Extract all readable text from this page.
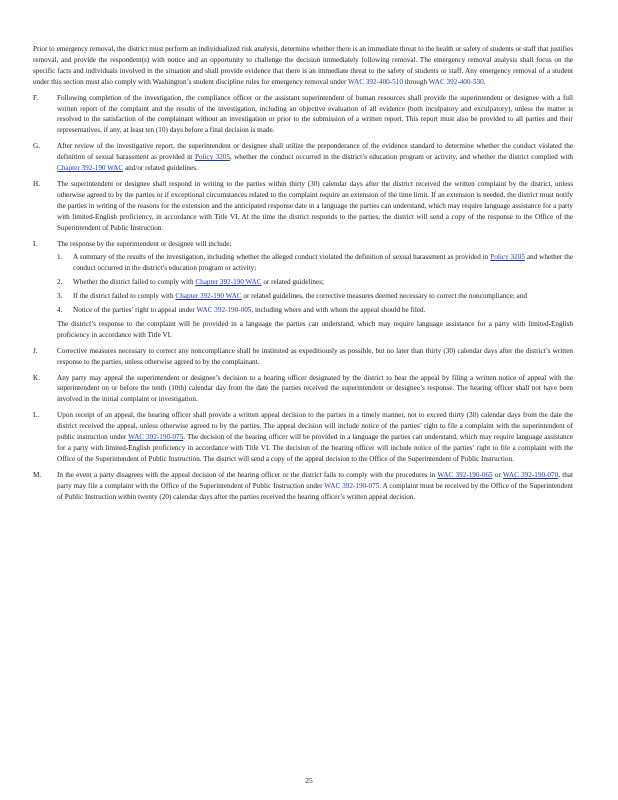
Prior to emergency removal, the district must perform an individualized risk analysis, determine whether there is an immediate threat to the health or safety of students or staff that justifies removal, and provide the respondent(s) with notice and an opportunity to challenge the decision immediately following removal. The emergency removal analysis shall focus on the specific facts and individuals involved in the situation and shall provide evidence that there is an immediate threat to the safety of students or staff. Any emergency removal of a student under this section must also comply with Washington’s student discipline rules for emergency removal under WAC 392-400-510 through WAC 392-400-530.

F.	Following completion of the investigation, the compliance officer or the assistant superintendent of human resources shall provide the superintendent or designee with a full written report of the complaint and the results of the investigation, including an objective evaluation of all evidence (both inculpatory and exculpatory), unless the matter is resolved to the satisfaction of the complainant without an investigation or prior to the submission of a written report. This report must also be provided to all parties and their representatives, if any, at least ten (10) days before a final decision is made.
G.	After review of the investigative report, the superintendent or designee shall utilize the preponderance of the evidence standard to determine whether the conduct violated the definition of sexual harassment as provided in Policy 3205, whether the conduct occurred in the district’s education program or activity, and whether the district complied with Chapter 392-190 WAC and/or related guidelines.
H.	The superintendent or designee shall respond in writing to the parties within thirty (30) calendar days after the district received the written complaint by the district, unless otherwise agreed to by the parties or if exceptional circumstances related to the complaint require an extension of the time limit. If an extension is needed, the district must notify the parties in writing of the reasons for the extension and the anticipated response date in a language the parties can understand, which may require language assistance for a party with limited-English proficiency, in accordance with Title VI. At the time the district responds to the parties, the district will send a copy of the response to the Office of the Superintendent of Public Instruction.
I.	The response by the superintendent or designee will include:
1.	A summary of the results of the investigation, including whether the alleged conduct violated the definition of sexual harassment as provided in Policy 3205 and whether the conduct occurred in the district’s education program or activity;
2.	Whether the district failed to comply with Chapter 392-190 WAC or related guidelines;
3.	If the district failed to comply with Chapter 392-190 WAC or related guidelines, the corrective measures deemed necessary to correct the noncompliance; and
4.	Notice of the parties’ right to appeal under WAC 392-190-005, including where and with whom the appeal should be filed.
The district’s response to the complaint will be provided in a language the parties can understand, which may require language assistance for a party with limited-English proficiency in accordance with Title VI.
J.	Corrective measures necessary to correct any noncompliance shall be instituted as expeditiously as possible, but no later than thirty (30) calendar days after the district’s written response to the parties, unless otherwise agreed to by the complainant.
K.	Any party may appeal the superintendent or designee’s decision to a hearing officer designated by the district to hear the appeal by filing a written notice of appeal with the superintendent on or before the tenth (10th) calendar day from the date the parties received the superintendent or designee’s response. The hearing officer shall not have been involved in the initial complaint or investigation.
L.	Upon receipt of an appeal, the hearing officer shall provide a written appeal decision to the parties in a timely manner, not to exceed thirty (30) calendar days from the date the district received the appeal, unless otherwise agreed to by the parties. The appeal decision will include notice of the parties’ right to file a complaint with the superintendent of public instruction under WAC 392-190-075. The decision of the hearing officer will be provided in a language the parties can understand, which may require language assistance for a party with limited-English proficiency in accordance with Title VI. The decision of the hearing officer will include notice of the parties’ right to file a complaint with the Office of the Superintendent of Public Instruction. The district will send a copy of the appeal decision to the Office of the Superintendent of Public Instruction.
M.	In the event a party disagrees with the appeal decision of the hearing officer or the district fails to comply with the procedures in WAC 392-190-065 or WAC 392-190-070, that party may file a complaint with the Office of the Superintendent of Public Instruction under WAC 392-190-075. A complaint must be received by the Office of the Superintendent of Public Instruction within twenty (20) calendar days after the parties received the hearing officer’s written appeal decision.
25
